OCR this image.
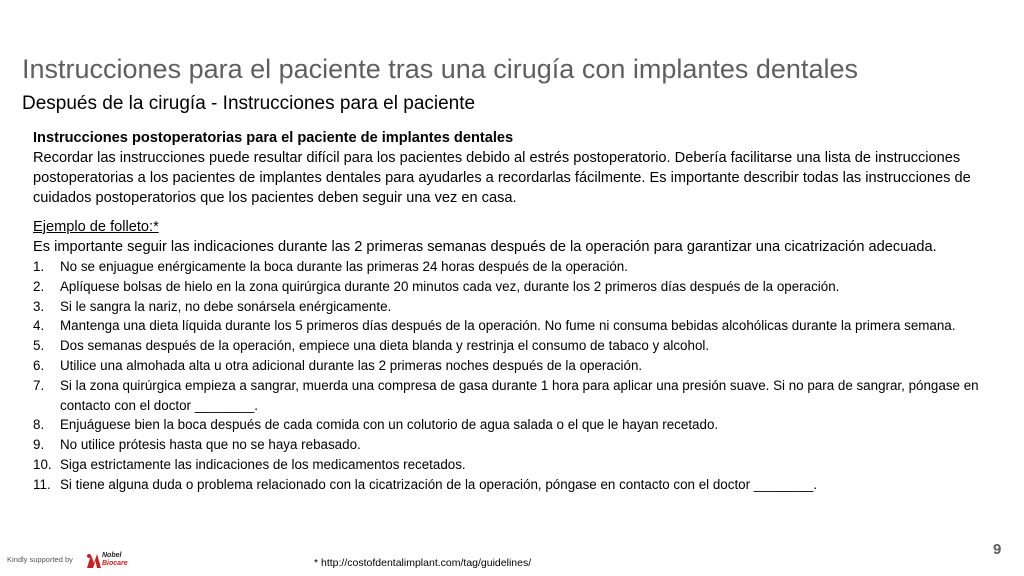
Instrucciones para el paciente tras una cirugía con implantes dentales
Después de la cirugía - Instrucciones para el paciente
Instrucciones postoperatorias para el paciente de implantes dentales

Recordar las instrucciones puede resultar difícil para los pacientes debido al estrés postoperatorio. Debería facilitarse una lista de instrucciones postoperatorias a los pacientes de implantes dentales para ayudarles a recordarlas fácilmente. Es importante describir todas las instrucciones de cuidados postoperatorios que los pacientes deben seguir una vez en casa.

Ejemplo de folleto:*

Es importante seguir las indicaciones durante las 2 primeras semanas después de la operación para garantizar una cicatrización adecuada.

1.	No se enjuague enérgicamente la boca durante las primeras 24 horas después de la operación.
2.	Aplíquese bolsas de hielo en la zona quirúrgica durante 20 minutos cada vez, durante los 2 primeros días después de la operación.
3.	Si le sangra la nariz, no debe sonársela enérgicamente.
4.	Mantenga una dieta líquida durante los 5 primeros días después de la operación. No fume ni consuma bebidas alcohólicas durante la primera semana.
5.	Dos semanas después de la operación, empiece una dieta blanda y restrinja el consumo de tabaco y alcohol.
6.	Utilice una almohada alta u otra adicional durante las 2 primeras noches después de la operación.
7.	Si la zona quirúrgica empieza a sangrar, muerda una compresa de gasa durante 1 hora para aplicar una presión suave. Si no para de sangrar, póngase en contacto con el doctor ________.
8.	Enjuáguese bien la boca después de cada comida con un colutorio de agua salada o el que le hayan recetado.
9.	No utilice prótesis hasta que no se haya rebasado.
10. Siga estrictamente las indicaciones de los medicamentos recetados.
11. Si tiene alguna duda o problema relacionado con la cicatrización de la operación, póngase en contacto con el doctor ________.
Kindly supported by	Nobel
Biocare	* http://costofdentalimplant.com/tag/guidelines/
9
